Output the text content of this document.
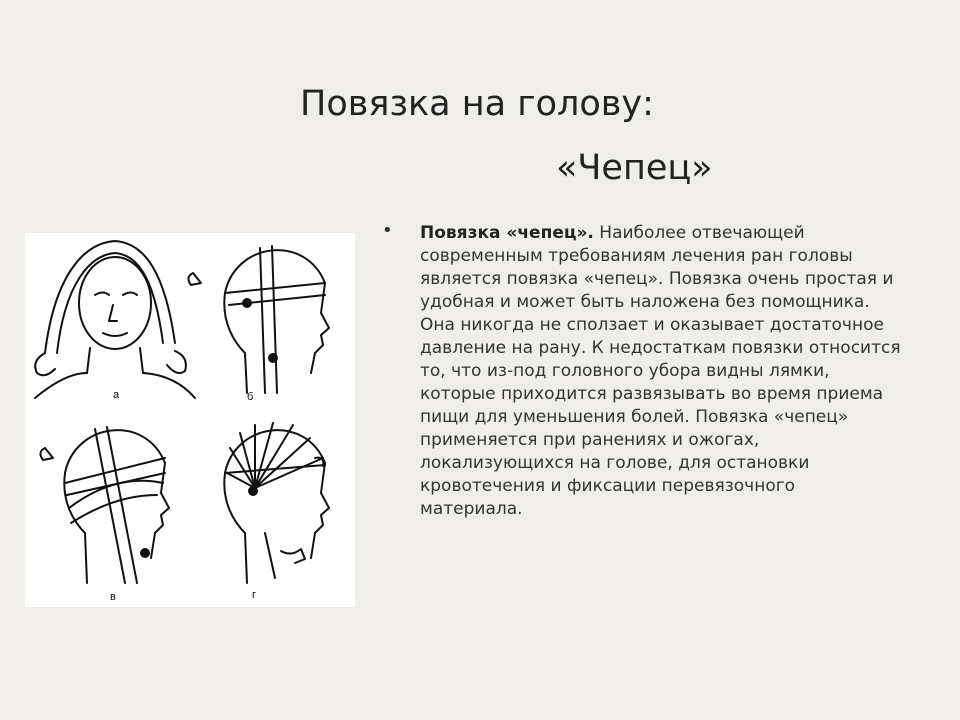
Повязка на голову:
«Чепец»
а	б
в	г
• Повязка «чепец». Наиболее отвечающей современным требованиям лечения ран головы является повязка «чепец». Повязка очень простая и удобная и может быть наложена без помощника. Она никогда не сползает и оказывает достаточное давление на рану. К недостаткам повязки относится то, что из-под головного убора видны лямки, которые приходится развязывать во время приема пищи для уменьшения болей. Повязка «чепец» применяется при ранениях и ожогах, локализующихся на голове, для остановки кровотечения и фиксации перевязочного материала.
